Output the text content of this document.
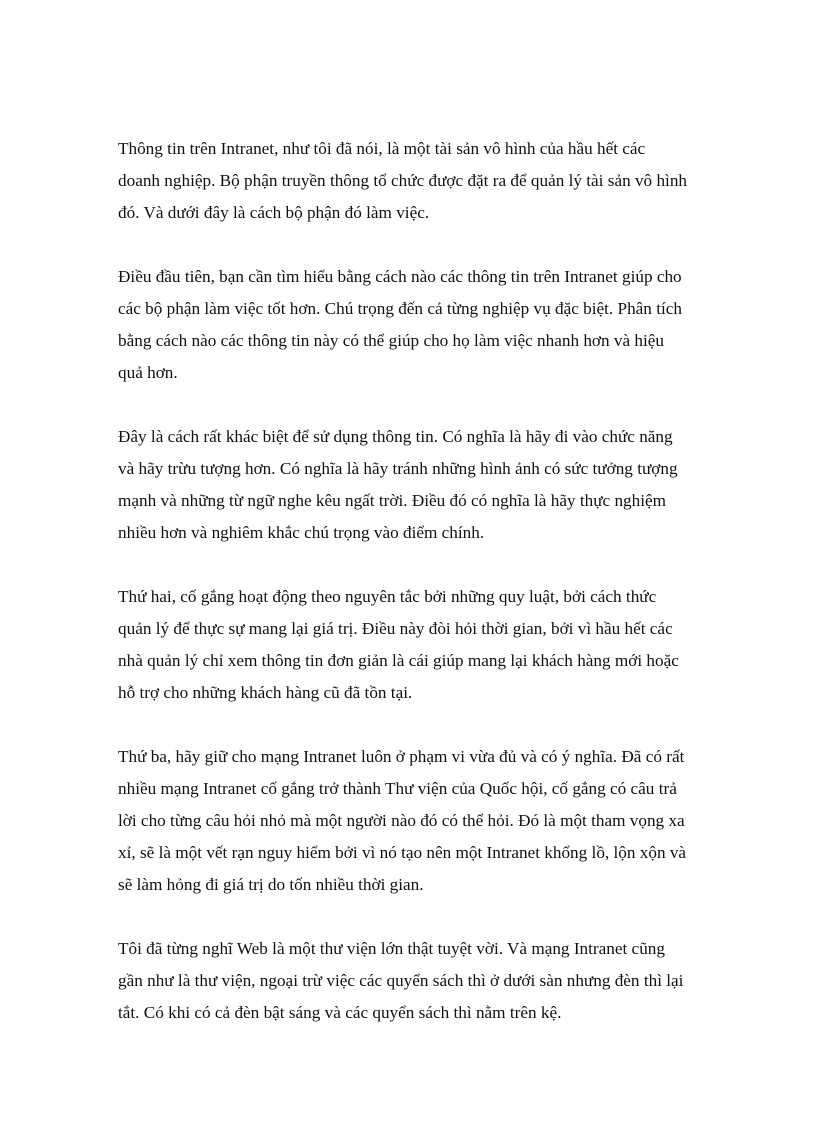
Thông tin trên Intranet, như tôi đã nói, là một tài sản vô hình của hầu hết các
doanh nghiệp. Bộ phận truyền thông tổ chức được đặt ra để quản lý tài sản vô hình
đó. Và dưới đây là cách bộ phận đó làm việc.

Điều đầu tiên, bạn cần tìm hiểu bằng cách nào các thông tin trên Intranet giúp cho
các bộ phận làm việc tốt hơn. Chú trọng đến cả từng nghiệp vụ đặc biệt. Phân tích
bằng cách nào các thông tin này có thể giúp cho họ làm việc nhanh hơn và hiệu
quả hơn.

Đây là cách rất khác biệt để sử dụng thông tin. Có nghĩa là hãy đi vào chức năng
và hãy trừu tượng hơn. Có nghĩa là hãy tránh những hình ảnh có sức tưởng tượng
mạnh và những từ ngữ nghe kêu ngất trời. Điều đó có nghĩa là hãy thực nghiệm
nhiều hơn và nghiêm khắc chú trọng vào điểm chính.

Thứ hai, cố gắng hoạt động theo nguyên tắc bởi những quy luật, bởi cách thức
quản lý để thực sự mang lại giá trị. Điều này đòi hỏi thời gian, bởi vì hầu hết các
nhà quản lý chỉ xem thông tin đơn giản là cái giúp mang lại khách hàng mới hoặc
hỗ trợ cho những khách hàng cũ đã tồn tại.

Thứ ba, hãy giữ cho mạng Intranet luôn ở phạm vi vừa đủ và có ý nghĩa. Đã có rất
nhiều mạng Intranet cố gắng trở thành Thư viện của Quốc hội, cố gắng có câu trả
lời cho từng câu hỏi nhỏ mà một người nào đó có thể hỏi. Đó là một tham vọng xa
xỉ, sẽ là một vết rạn nguy hiểm bởi vì nó tạo nên một Intranet khổng lồ, lộn xộn và
sẽ làm hỏng đi giá trị do tốn nhiều thời gian.

Tôi đã từng nghĩ Web là một thư viện lớn thật tuyệt vời. Và mạng Intranet cũng
gần như là thư viện, ngoại trừ việc các quyển sách thì ở dưới sàn nhưng đèn thì lại
tắt. Có khi có cả đèn bật sáng và các quyển sách thì nằm trên kệ.
